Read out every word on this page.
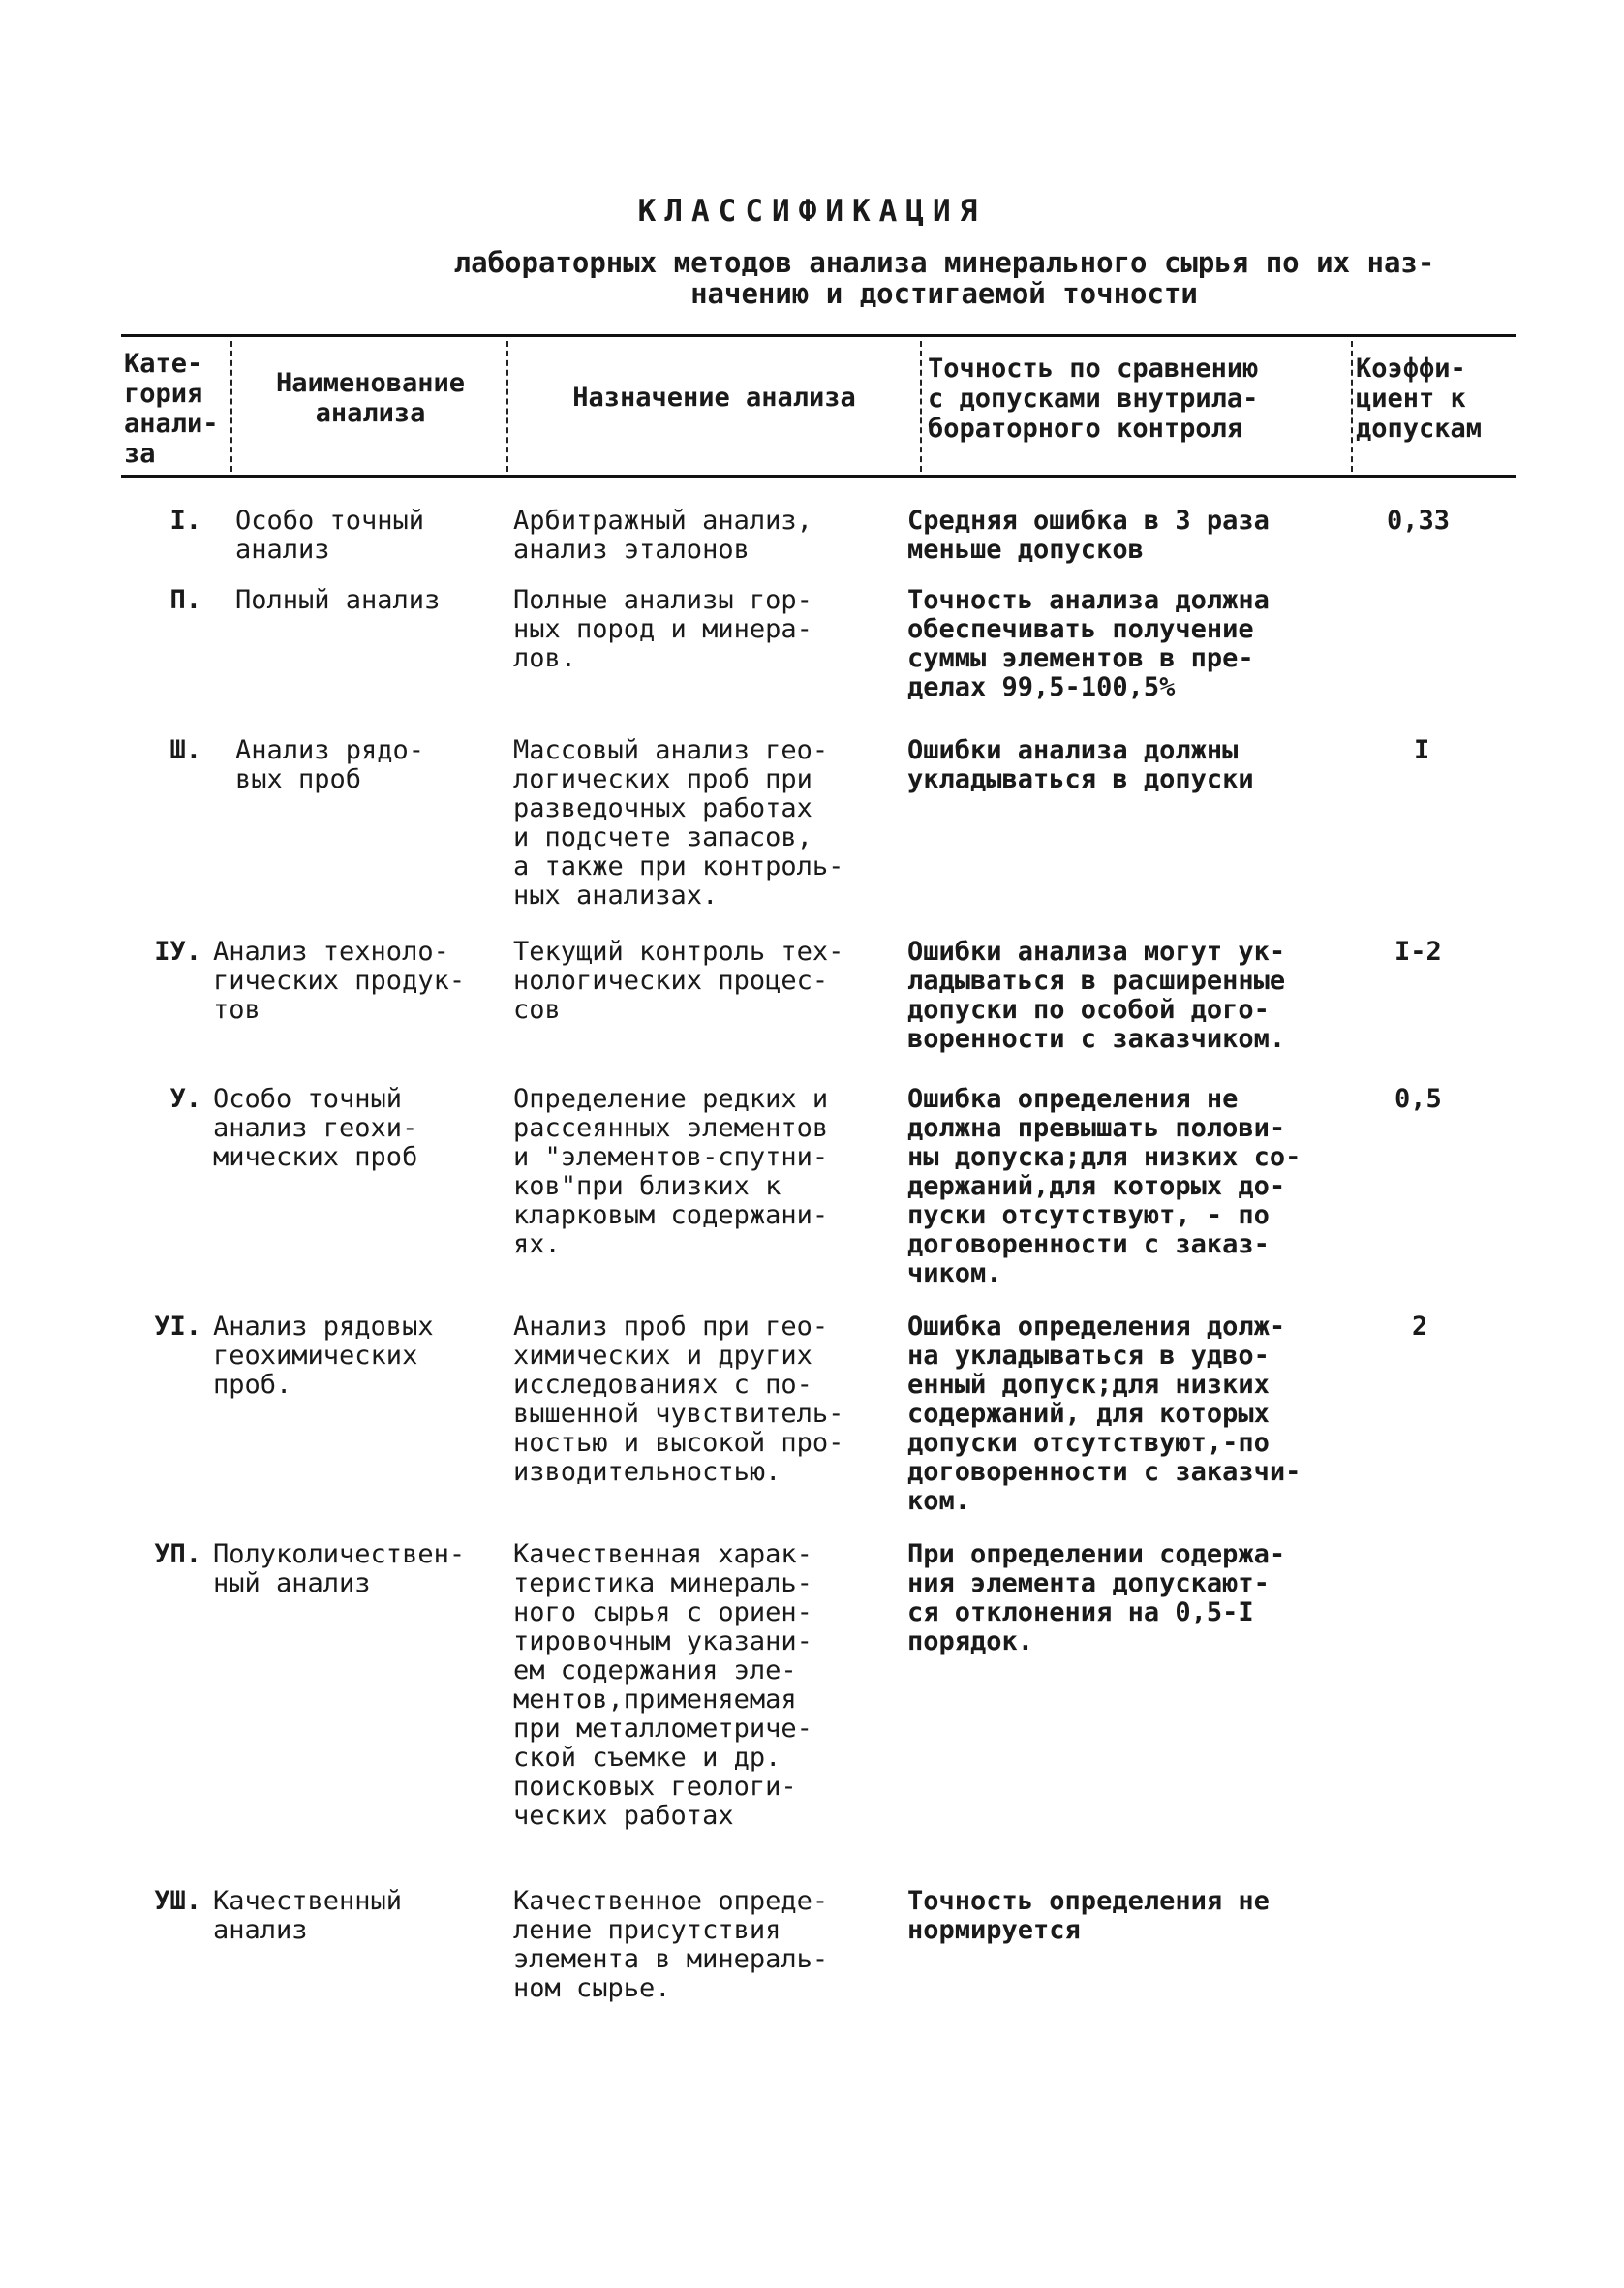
КЛАССИФИКАЦИЯ
лабораторных методов анализа минерального сырья по их наз-
начению и достигаемой точности
Кате-
гория
анали-
за
Наименование
анализа
Назначение анализа
Точность по сравнению
с допусками внутрила-
бораторного контроля
Коэффи-
циент к
допускам
I. Особо точный
анализ
Арбитражный анализ,
анализ эталонов
Средняя ошибка в 3 раза
меньше допусков
0,33
П. Полный анализ	Полные анализы гор-
ных пород и минера-
лов.
Точность анализа должна
обеспечивать получение
суммы элементов в пре-
делах 99,5-100,5%
Ш. Анализ рядо-
вых проб
Массовый анализ гео-
логических проб при
разведочных работах
и подсчете запасов,
а также при контроль-
ных анализах.
Ошибки анализа должны
укладываться в допуски
I
IУ. Анализ техноло-
гических продук-
тов
Текущий контроль тех-
нологических процес-
сов
Ошибки анализа могут ук-
ладываться в расширенные
допуски по особой дого-
воренности с заказчиком.
I-2
У. Особо точный
анализ геохи-
мических проб
Определение редких и
рассеянных элементов
и "элементов-спутни-
ков"при близких к
кларковым содержани-
ях.
Ошибка определения не
должна превышать полови-
ны допуска;для низких со-
держаний,для которых до-
пуски отсутствуют, - по
договоренности с заказ-
чиком.
0,5
УI. Анализ рядовых
геохимических
проб.
Анализ проб при гео-
химических и других
исследованиях с по-
вышенной чувствитель-
ностью и высокой про-
изводительностью.
Ошибка определения долж-
на укладываться в удво-
енный допуск;для низких
содержаний, для которых
допуски отсутствуют,-по
договоренности с заказчи-
ком.
2
УП. Полуколичествен-
ный анализ
Качественная харак-
теристика минераль-
ного сырья с ориен-
тировочным указани-
ем содержания эле-
ментов,применяемая
при металлометриче-
ской съемке и др.
поисковых геологи-
ческих работах
При определении содержа-
ния элемента допускают-
ся отклонения на 0,5-I
порядок.
УШ. Качественный
анализ
Качественное опреде-
ление присутствия
элемента в минераль-
ном сырье.
Точность определения не
нормируется
